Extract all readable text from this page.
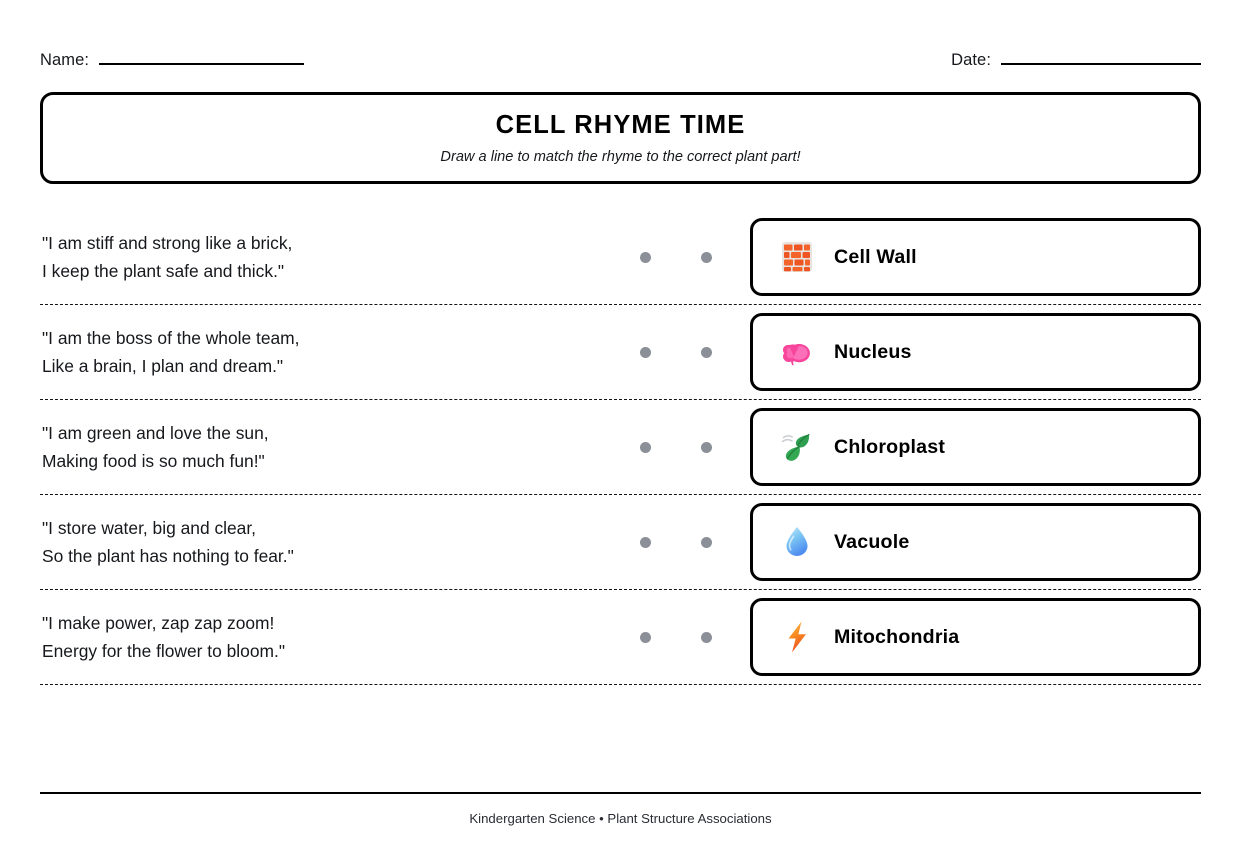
Name:	Date:
CELL RHYME TIME
Draw a line to match the rhyme to the correct plant part!
"I am stiff and strong like a brick,
I keep the plant safe and thick."
Cell Wall
"I am the boss of the whole team,
Like a brain, I plan and dream."
Nucleus
"I am green and love the sun,
Making food is so much fun!"
Chloroplast
"I store water, big and clear,
So the plant has nothing to fear."
Vacuole
"I make power, zap zap zoom!
Energy for the flower to bloom."
Mitochondria
Kindergarten Science • Plant Structure Associations
